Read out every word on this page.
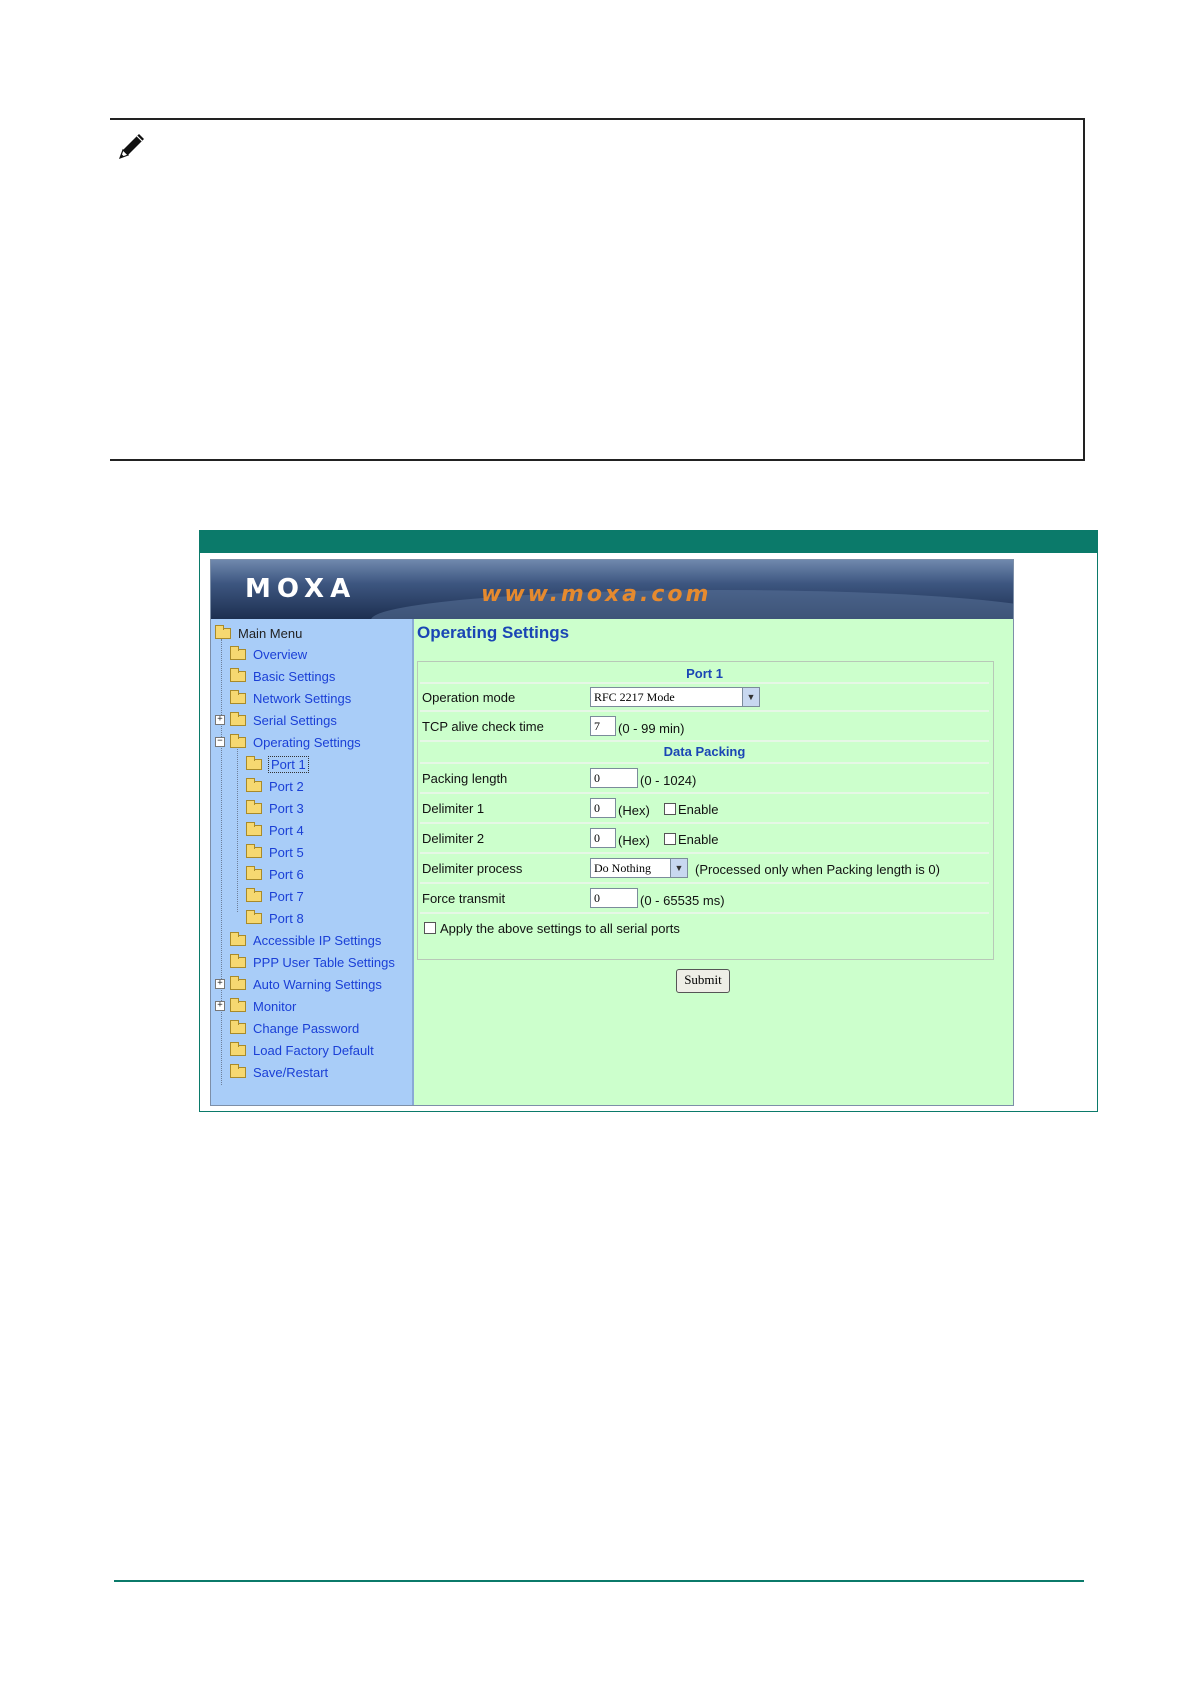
MOXA	www.moxa.com
Main Menu
Overview
Basic Settings
Network Settings
+ Serial Settings
− Operating Settings
Port 1
Port 2
Port 3
Port 4
Port 5
Port 6
Port 7
Port 8
Accessible IP Settings
PPP User Table Settings
+ Auto Warning Settings
+ Monitor
Change Password
Load Factory Default
Save/Restart
Operating Settings
Port 1
Operation mode	RFC 2217 Mode	▼
TCP alive check time	7	(0 - 99 min)
Data Packing
Packing length	0	(0 - 1024)
Delimiter 1	0	(Hex) Enable
Delimiter 2	0	(Hex) Enable
Delimiter process	Do Nothing	▼ (Processed only when Packing length is 0)
Force transmit	0	(0 - 65535 ms)
Apply the above settings to all serial ports
Submit
